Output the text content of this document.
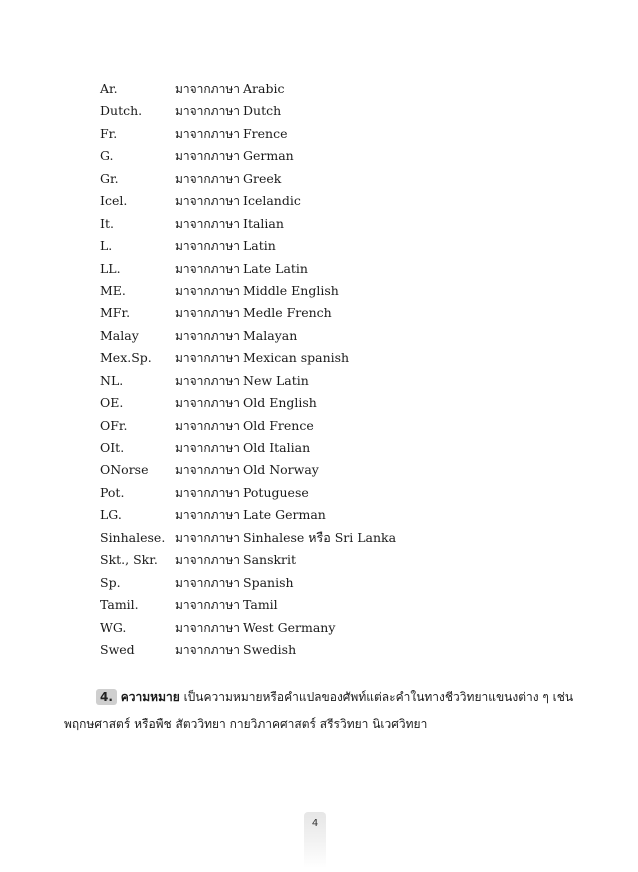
Ar.	มาจากภาษา Arabic
Dutch.	มาจากภาษา Dutch
Fr.	มาจากภาษา Frence
G.	มาจากภาษา German
Gr.	มาจากภาษา Greek
Icel.	มาจากภาษา Icelandic
It.	มาจากภาษา Italian
L.	มาจากภาษา Latin
LL.	มาจากภาษา Late Latin
ME.	มาจากภาษา Middle English
MFr.	มาจากภาษา Medle French
Malay	มาจากภาษา Malayan
Mex.Sp. มาจากภาษา Mexican spanish
NL.	มาจากภาษา New Latin
OE.	มาจากภาษา Old English
OFr.	มาจากภาษา Old Frence
OIt.	มาจากภาษา Old Italian
ONorse มาจากภาษา Old Norway
Pot.	มาจากภาษา Potuguese
LG.	มาจากภาษา Late German
Sinhalese. มาจากภาษา Sinhalese หรือ Sri Lanka
Skt., Skr. มาจากภาษา Sanskrit
Sp.	มาจากภาษา Spanish
Tamil.	มาจากภาษา Tamil
WG.	มาจากภาษา West Germany
Swed	มาจากภาษา Swedish
4. ความหมาย เป็นความหมายหรือคำแปลของศัพท์แต่ละคำในทางชีววิทยาแขนงต่าง ๆ เช่น
พฤกษศาสตร์ หรือพืช สัตววิทยา กายวิภาคศาสตร์ สรีรวิทยา นิเวศวิทยา
4
